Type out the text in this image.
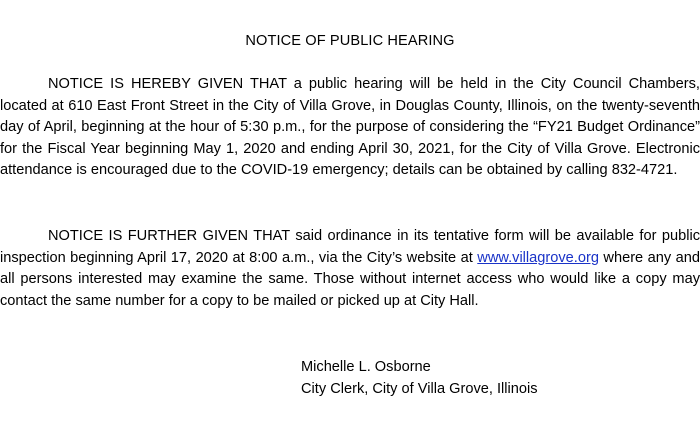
NOTICE OF PUBLIC HEARING
NOTICE IS HEREBY GIVEN THAT a public hearing will be held in the City Council Chambers, located at 610 East Front Street in the City of Villa Grove, in Douglas County, Illinois, on the twenty-seventh day of April, beginning at the hour of 5:30 p.m., for the purpose of considering the “FY21 Budget Ordinance” for the Fiscal Year beginning May 1, 2020 and ending April 30, 2021, for the City of Villa Grove. Electronic attendance is encouraged due to the COVID-19 emergency; details can be obtained by calling 832-4721.
NOTICE IS FURTHER GIVEN THAT said ordinance in its tentative form will be available for public inspection beginning April 17, 2020 at 8:00 a.m., via the City’s website at www.villagrove.org where any and all persons interested may examine the same. Those without internet access who would like a copy may contact the same number for a copy to be mailed or picked up at City Hall.
Michelle L. Osborne
City Clerk, City of Villa Grove, Illinois
